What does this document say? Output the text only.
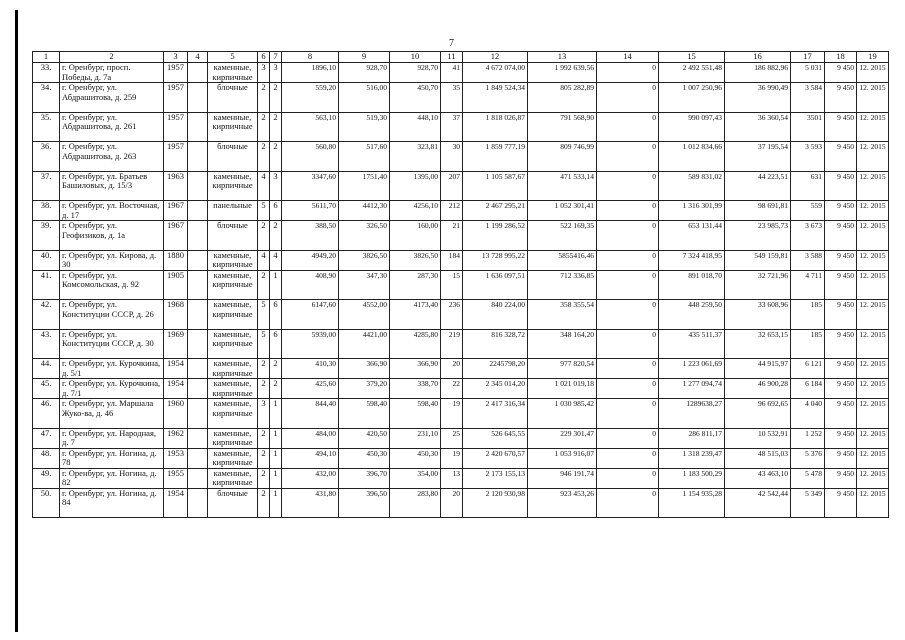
7
1	2	3	4	5	6	7	8	9	10	11	12	13	14	15	16	17	18	19
33.	г. Оренбург, просп. Победы, д. 7а	1957		каменные, кирпичные	3	3	1896,10	928,70	928,70	41	4 672 074,00	1 992 639,56	0	2 492 551,48	186 882,96	5 031	9 450	12. 2015
34.	г. Оренбург, ул. Абдрашитова, д. 259	1957		блочные	2	2	559,20	516,00	450,70	35	1 849 524,34	805 282,89	0	1 007 250,96	36 990,49	3 584	9 450	12. 2015
35.	г. Оренбург, ул. Абдрашитова, д. 261	1957		каменные, кирпичные	2	2	563,10	519,30	448,10	37	1 818 026,87	791 568,90	0	990 097,43	36 360,54	3501	9 450	12. 2015
36.	г. Оренбург, ул. Абдрашитова, д. 263	1957		блочные	2	2	560,80	517,60	323,81	30	1 859 777,19	809 746,99	0	1 012 834,66	37 195,54	3 593	9 450	12. 2015
37.	г. Оренбург, ул. Братьев Башиловых, д. 15/3	1963		каменные, кирпичные	4	3	3347,60	1751,40	1395,00	207	1 105 587,67	471 533,14	0	589 831,02	44 223,51	631	9 450	12. 2015
38.	г. Оренбург, ул. Восточная, д. 17	1967		панельные	5	6	5611,70	4412,30	4256,10	212	2 467 295,21	1 052 301,41	0	1 316 301,99	98 691,81	559	9 450	12. 2015
39.	г. Оренбург, ул. Геофизиков, д. 1а	1967		блочные	2	2	388,50	326,50	160,00	21	1 199 286,52	522 169,35	0	653 131,44	23 985,73	3 673	9 450	12. 2015
40.	г. Оренбург, ул. Кирова, д. 30	1880		каменные, кирпичные	4	4	4949,20	3826,50	3826,50	184	13 728 995,22	5855416,46	0	7 324 418,95	549 159,81	3 588	9 450	12. 2015
41.	г. Оренбург, ул. Комсомольская, д. 92	1905		каменные, кирпичные	2	1	408,90	347,30	287,30	15	1 636 097,51	712 336,85	0	891 018,70	32 721,96	4 711	9 450	12. 2015
42.	г. Оренбург, ул. Конституции СССР, д. 26	1968		каменные, кирпичные	5	6	6147,60	4552,00	4173,40	236	840 224,00	358 355,54	0	448 259,50	33 608,96	185	9 450	12. 2015
43.	г. Оренбург, ул. Конституции СССР, д. 30	1969		каменные, кирпичные	5	6	5939,00	4421,00	4285,80	219	816 328,72	348 164,20	0	435 511,37	32 653,15	185	9 450	12. 2015
44.	г. Оренбург, ул. Курочкина, д. 5/1	1954		каменные, кирпичные	2	2	410,30	366,90	366,90	20	2245798,20	977 820,54	0	1 223 061,69	44 915,97	6 121	9 450	12. 2015
45.	г. Оренбург, ул. Курочкина, д. 7/1	1954		каменные, кирпичные	2	2	425,60	379,20	338,70	22	2 345 014,20	1 021 019,18	0	1 277 094,74	46 900,28	6 184	9 450	12. 2015
46.	г. Оренбург, ул. Маршала Жуко-ва, д. 46	1960		каменные, кирпичные	3	1	844,40	598,40	598,40	19	2 417 316,34	1 030 985,42	0	1289638,27	96 692,65	4 040	9 450	12. 2015
47.	г. Оренбург, ул. Народная, д. 7	1962		каменные, кирпичные	2	1	484,00	420,50	231,10	25	526 645,55	229 301,47	0	286 811,17	10 532,91	1 252	9 450	12. 2015
48.	г. Оренбург, ул. Ногина, д. 78	1953		каменные, кирпичные	2	1	494,10	450,30	450,30	19	2 420 670,57	1 053 916,07	0	1 318 239,47	48 515,03	5 376	9 450	12. 2015
49.	г. Оренбург, ул. Ногина, д. 82	1955		каменные, кирпичные	2	1	432,00	396,70	354,00	13	2 173 155,13	946 191,74	0	1 183 500,29	43 463,10	5 478	9 450	12. 2015
50.	г. Оренбург, ул. Ногина, д. 84	1954		блочные	2	1	431,80	396,50	283,80	20	2 120 930,98	923 453,26	0	1 154 935,28	42 542,44	5 349	9 450	12. 2015
